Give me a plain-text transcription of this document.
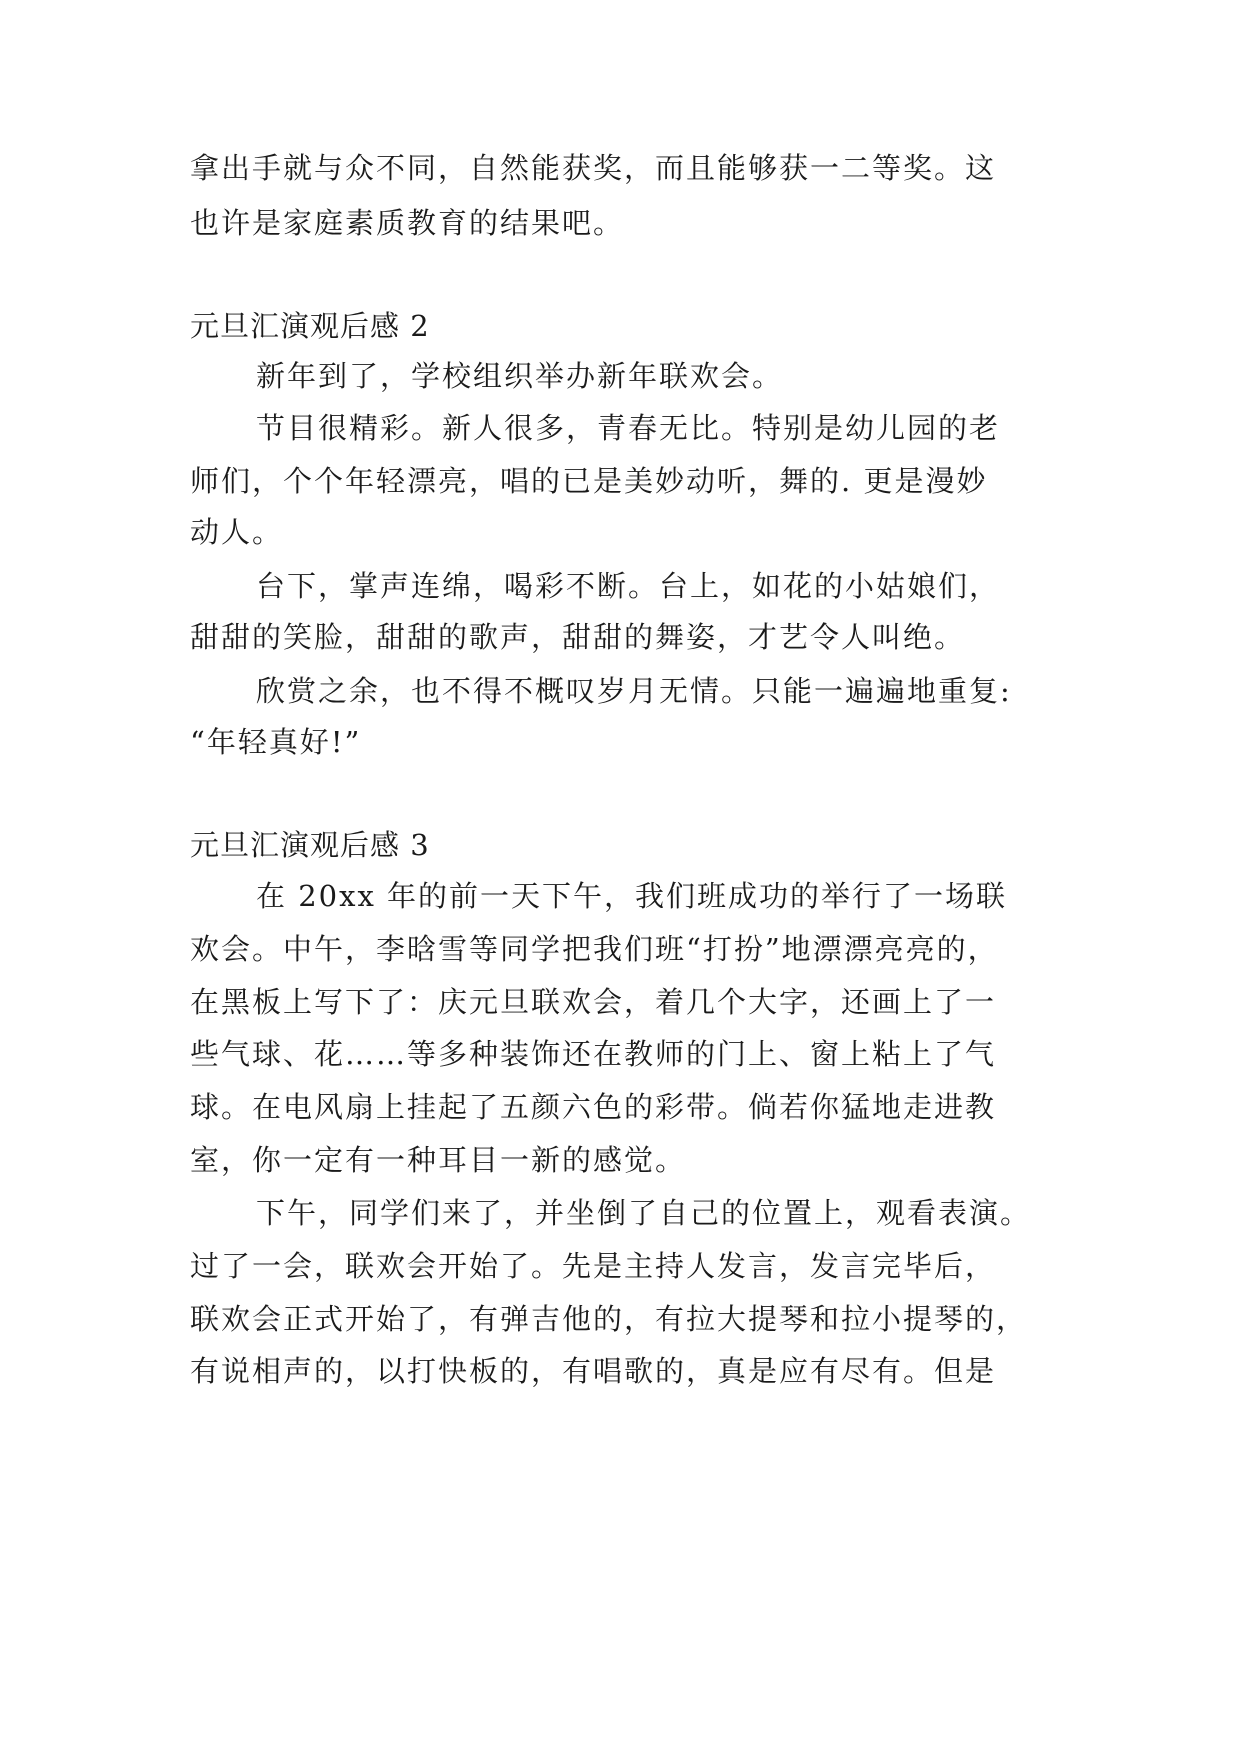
拿出手就与众不同，自然能获奖，而且能够获一二等奖。这
也许是家庭素质教育的结果吧。
元旦汇演观后感 2
新年到了，学校组织举办新年联欢会。
节目很精彩。新人很多，青春无比。特别是幼儿园的老
师们，个个年轻漂亮，唱的已是美妙动听，舞的. 更是漫妙
动人。
台下，掌声连绵，喝彩不断。台上，如花的小姑娘们，
甜甜的笑脸，甜甜的歌声，甜甜的舞姿，才艺令人叫绝。
欣赏之余，也不得不概叹岁月无情。只能一遍遍地重复:
“年轻真好!”
元旦汇演观后感 3
在 20xx 年的前一天下午，我们班成功的举行了一场联
欢会。中午，李晗雪等同学把我们班“打扮”地漂漂亮亮的，
在黑板上写下了：庆元旦联欢会，着几个大字，还画上了一
些气球、花……等多种装饰还在教师的门上、窗上粘上了气
球。在电风扇上挂起了五颜六色的彩带。倘若你猛地走进教
室，你一定有一种耳目一新的感觉。
下午，同学们来了，并坐倒了自己的位置上，观看表演。
过了一会，联欢会开始了。先是主持人发言，发言完毕后，
联欢会正式开始了，有弹吉他的，有拉大提琴和拉小提琴的，
有说相声的，以打快板的，有唱歌的，真是应有尽有。但是
